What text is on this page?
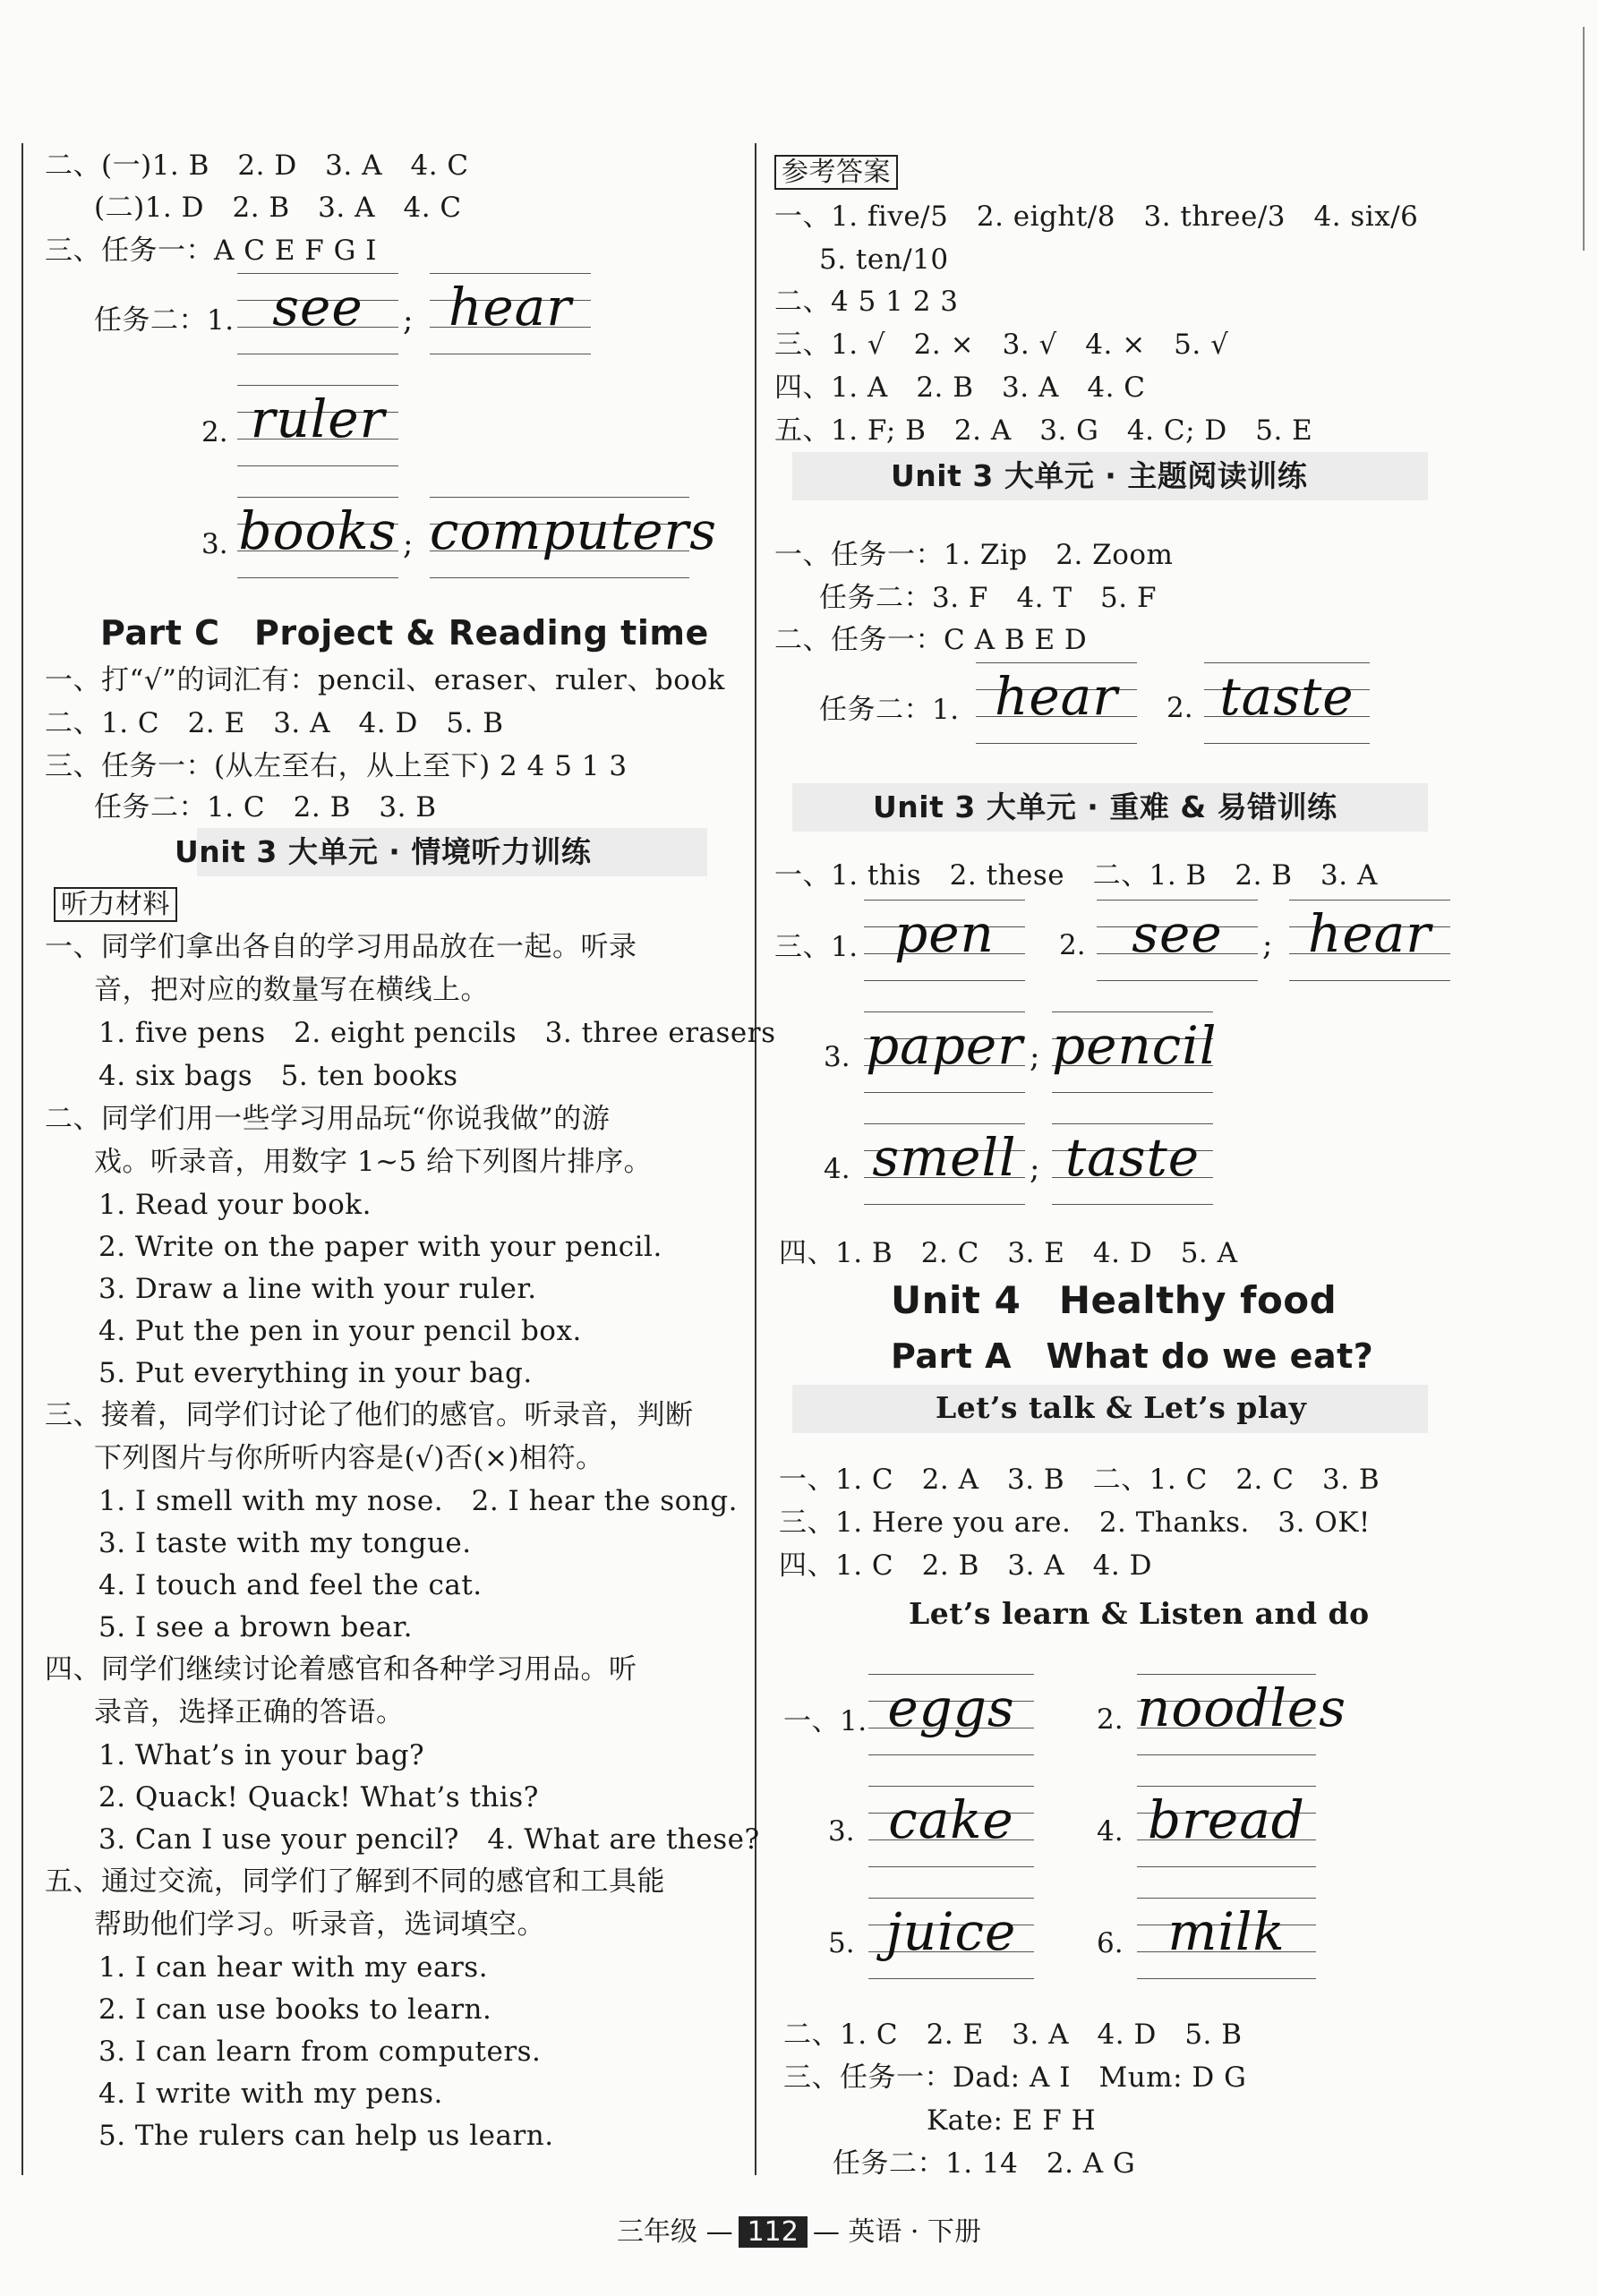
二、(一)1. B　2. D　3. A　4. C
(二)1. D　2. B　3. A　4. C
三、任务一：A C E F G I
任务二：1. see	; hear
2. ruler
3. books ; computers
Part C　Project & Reading time
一、打“√”的词汇有：pencil、eraser、ruler、book
二、1. C　2. E　3. A　4. D　5. B
三、任务一：(从左至右，从上至下) 2 4 5 1 3
任务二：1. C　2. B　3. B
Unit 3 大单元 · 情境听力训练
听力材料
一、同学们拿出各自的学习用品放在一起。听录
音，把对应的数量写在横线上。
1. five pens　2. eight pencils　3. three erasers
4. six bags　5. ten books
二、同学们用一些学习用品玩“你说我做”的游
戏。听录音，用数字 1~5 给下列图片排序。
1. Read your book.
2. Write on the paper with your pencil.
3. Draw a line with your ruler.
4. Put the pen in your pencil box.
5. Put everything in your bag.
三、接着，同学们讨论了他们的感官。听录音，判断
下列图片与你所听内容是(√)否(×)相符。
1. I smell with my nose.　2. I hear the song.
3. I taste with my tongue.
4. I touch and feel the cat.
5. I see a brown bear.
四、同学们继续讨论着感官和各种学习用品。听
录音，选择正确的答语。
1. What’s in your bag?
2. Quack! Quack! What’s this?
3. Can I use your pencil?　4. What are these?
五、通过交流，同学们了解到不同的感官和工具能
帮助他们学习。听录音，选词填空。
1. I can hear with my ears.
2. I can use books to learn.
3. I can learn from computers.
4. I write with my pens.
5. The rulers can help us learn.
参考答案
一、1. five/5　2. eight/8　3. three/3　4. six/6
5. ten/10
二、4 5 1 2 3
三、1. √　2. ×　3. √　4. ×　5. √
四、1. A　2. B　3. A　4. C
五、1. F; B　2. A　3. G　4. C; D　5. E
Unit 3 大单元 · 主题阅读训练
一、任务一：1. Zip　2. Zoom
任务二：3. F　4. T　5. F
二、任务一：C A B E D
任务二：1. hear	2. taste
Unit 3 大单元 · 重难 & 易错训练
一、1. this　2. these　二、1. B　2. B　3. A
三、1. pen	2. see	; hear
3. paper ; pencil
4. smell ; taste
四、1. B　2. C　3. E　4. D　5. A
Unit 4　Healthy food
Part A　What do we eat?
Let’s talk & Let’s play
一、1. C　2. A　3. B　二、1. C　2. C　3. B
三、1. Here you are.　2. Thanks.　3. OK!
四、1. C　2. B　3. A　4. D
Let’s learn & Listen and do
一、1. eggs	2. noodles
3. cake	4. bread
5. juice	6. milk
二、1. C　2. E　3. A　4. D　5. B
三、任务一：Dad: A I　Mum: D G
Kate: E F H
任务二：1. 14　2. A G
三年级 — 112 — 英语 · 下册
